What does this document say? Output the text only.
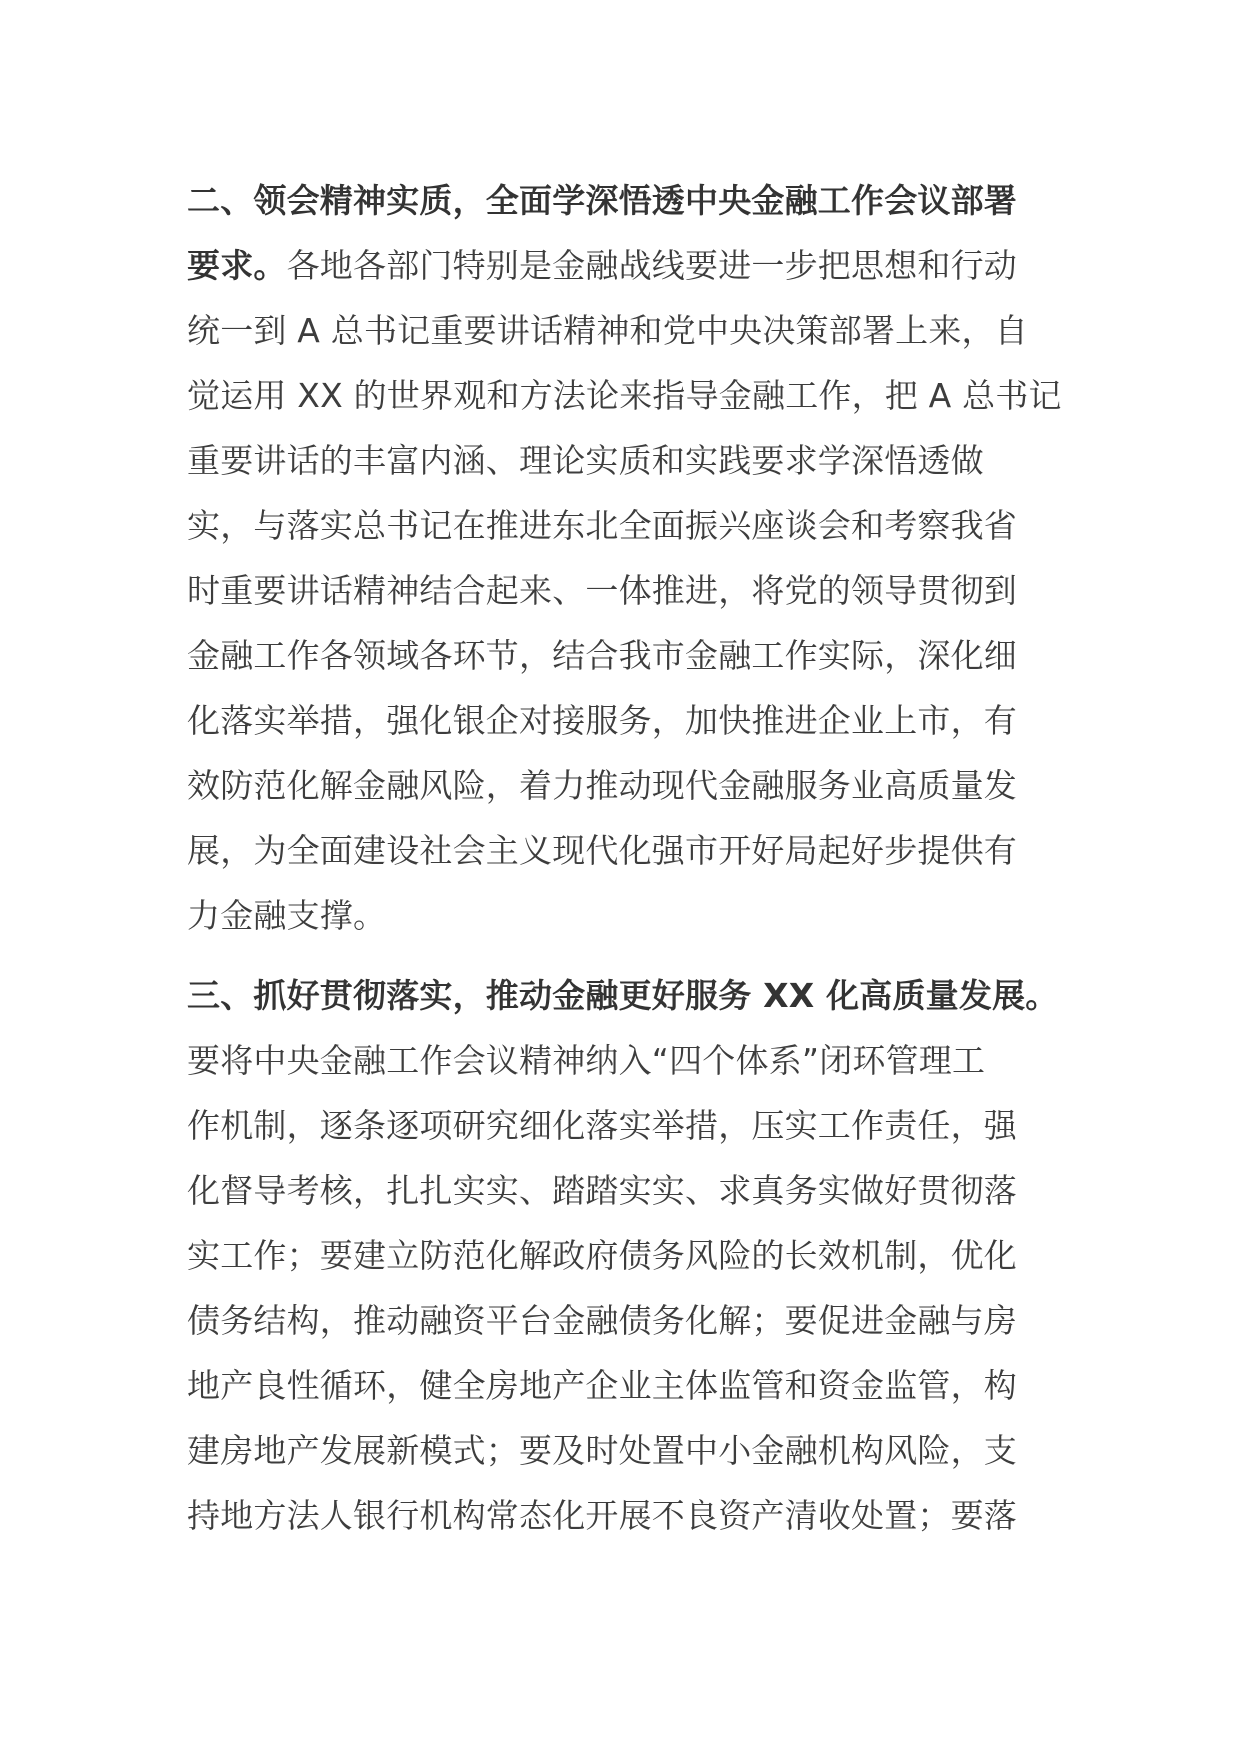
二、领会精神实质，全面学深悟透中央金融工作会议部署
要求。各地各部门特别是金融战线要进一步把思想和行动
统一到 A 总书记重要讲话精神和党中央决策部署上来，自
觉运用 XX 的世界观和方法论来指导金融工作，把 A 总书记
重要讲话的丰富内涵、理论实质和实践要求学深悟透做
实，与落实总书记在推进东北全面振兴座谈会和考察我省
时重要讲话精神结合起来、一体推进，将党的领导贯彻到
金融工作各领域各环节，结合我市金融工作实际，深化细
化落实举措，强化银企对接服务，加快推进企业上市，有
效防范化解金融风险，着力推动现代金融服务业高质量发
展，为全面建设社会主义现代化强市开好局起好步提供有
力金融支撑。
三、抓好贯彻落实，推动金融更好服务 XX 化高质量发展。
要将中央金融工作会议精神纳入“四个体系”闭环管理工
作机制，逐条逐项研究细化落实举措，压实工作责任，强
化督导考核，扎扎实实、踏踏实实、求真务实做好贯彻落
实工作；要建立防范化解政府债务风险的长效机制，优化
债务结构，推动融资平台金融债务化解；要促进金融与房
地产良性循环，健全房地产企业主体监管和资金监管，构
建房地产发展新模式；要及时处置中小金融机构风险，支
持地方法人银行机构常态化开展不良资产清收处置；要落
